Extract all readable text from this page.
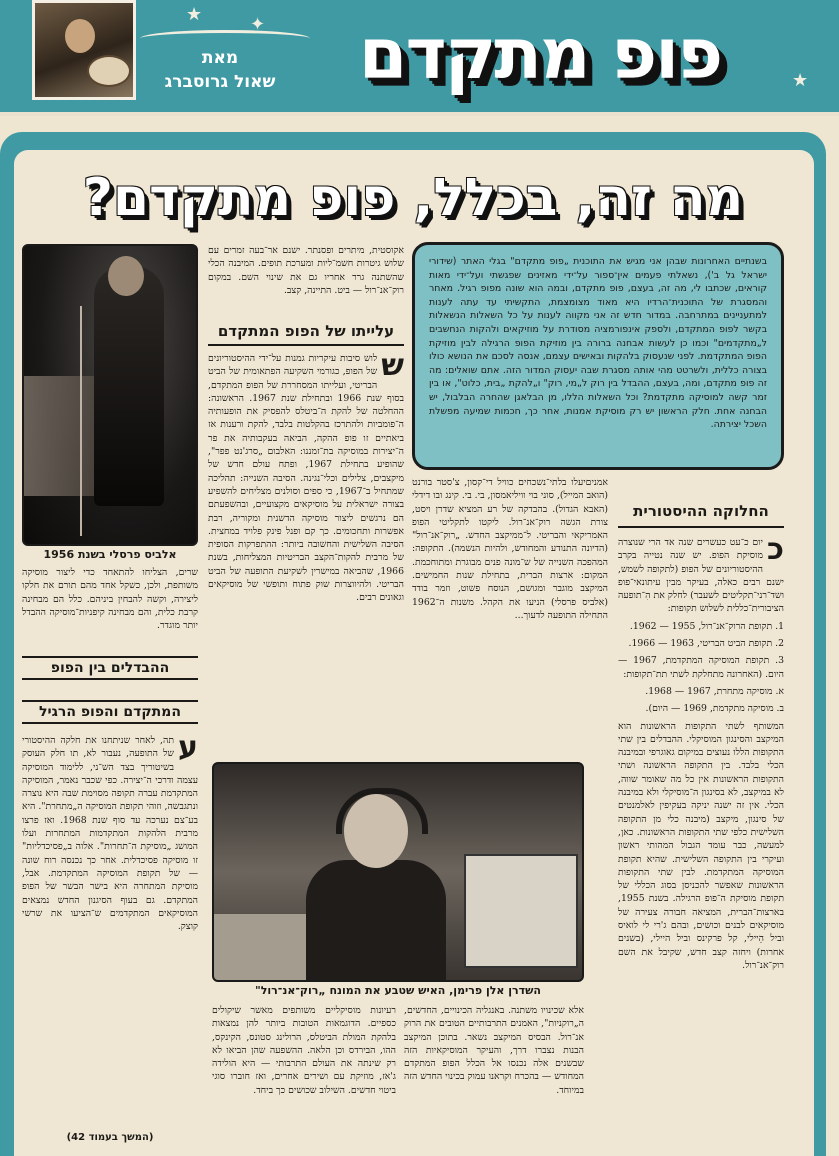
★	✦
★
מאת
שאול גרוסברג	פופ מתקדם
מה זה, בכלל, פופ מתקדם?
בשנתיים האחרונות שבהן אני מגיש את התוכנית „פופ מתקדם" בגלי האתר (שידורי ישראל גל ב'), נשאלתי פעמים אין־ספור על־ידי מאזינים שפגשתי ועל־ידי מאות קוראים, שכתבו לי, מה זה, בעצם, פופ מתקדם, ובמה הוא שונה מפופ רגיל. מאחר והמסגרת של התוכנית־הרדיו היא מאוד מצומצמת, התקשיתי עד עתה לענות למתעניינים במתרחבה. במדור חדש זה אני מקווה לענות על כל השאלות הנשאלות בקשר לפופ המתקדם, ולספק אינפורמציה מסודרת על מוזיקאים ולהקות הנחשבים ל„מתקדמים" וכמו כן לעשות אבחנה ברורה בין מוזיקת הפופ הרגילה לבין מוזיקת הפופ המתקדמת. לפני שנעסוק בלהקות ובאישים עצמם, אנסה לסכם את הנושא כולו בצורה כללית, ולשרטט מהי אותה מסגרת שבה יעסוק המדור הזה. אתם שואלים: מה זה פופ מתקדם, ומה, בעצם, ההבדל בין רוק ל„מי, רוק" ו„להקת „בית, כלוט", או בין זמר קשה למוסיקה מתקדמת? וכל השאלות הללו, מן הבלאגן שהחרה הבלבול, יש הבחנה אחת. חלק הראשון יש רק מוסיקת אמנות, אחר כך, חכמות שמיעה מפשלת השכל יצירתה.
אלביס פרסלי בשנת 1956
אקוסטית, מיתרים ופסנתר. ישנם אר־בעה זמרים עם שלוש גיטרות חשמ־ליות ומערכת תופים. המיבנה הכלי שהשתנה גרר אחריו גם את שינוי השם. במקום רוק־אנ־רול — ביט. התיינה, קצב.
עלייתו של הפופ המתקדם
ש
לוש סיבות עיקריות גמנות על־ידי ההיסטוריונים של הפופ, כגורמי השקיעה הפתאומית של הביט הבריטי, ועלייתו המסחררת של הפופ המתקדם, בסוף שנת 1966 ובתחילת שנת 1967. הראשונה: ההחלטה של להקת ה־ביטלס להפסיק את הופעותיה ה־פומביות ולהתרכז בהקלטות בלבד, להקת ורענות אז ביאתיים זו פופ ההקה, הביאה בעקבותיה את פר ה־יצירות במוסיקה בת־זמננו: האלבום „סרג'נט פפר", שהופיע בתחילת 1967, ופתח עולם חדש של מיקצבים, צלילים וכלי־נגינה. הסיבה השנייה: תהליכה שמתחיל ב־1967, כי ספים וסולנים מצליחים להשפיע בצורה ישראלית על מוסיקאים מקצועיים, ובהשפעתם הם נרגשים ליצור מוסיקה הדשנית ומקוריה, רבת אפשרות ותחכומים. כך קם ופנל פינק פלויד במחצית. הסיבה השלישית והחשובה ביותר: ההתפרקות הסופית של מרבית להקות־הקצב הבריטיות המצליחות, בשנת 1966, שהביאה במישרין לשקיעת התופעה של הביט הבריטי. ולהיווצרות שוק פתוח ותופשי של מוסיקאים וגאונים רבים.
אמניםיעלו בלתי־נשכחים כוויל די־קסון, צ'סטר בורנט (הואב המייל), סוני בוי וויליאמסון, בי. בי. קינג ובו דידלי (האבא הגדול). בהבדקה של רע המציא שדרן ויסט, צורת הגשה רוק־אנ־רול. ליקטו לתקליטי הפופ האמריקאי והבריטי. ל־ממיקצב החדש. „רוק־אנ־רול" (הדיונה התנודע והמחודש, ולהיות הנשמה). התקופה: המהפכה השנייה של ש־מונה פנים מבוגרת ומתוחכמת. המקום: ארצות הברית, בתחילת שנות החמישים. המיקצב מוגבר ומגושם, הנוסח פשוט, וזמר בודד (אלביס פרסלי) הניעו את הקהל. משנות ה־1962 התחילה התופעה לדעוך...
החלוקה ההיסטורית
כ

יום כ־עט כעשרים שנה אד הרי שנוצרה מוסיקת הפופ. יש שנה נטייה בקרב ההיסטוריונים של הפופ (לתקופה לשמש, ישנם רבים כאלה, בעיקר מבין עיתונאי־פופ ושד־רני־תקליטים לשעבר) לחלק את הִ־תופעה הציבורית־כללית לשלוש תקופות:

1. תקופת הרוק־אנ־רול, 1955 — 1962.

2. תקופת הביט הבריטי, 1963 — 1966.

3. תקופת המוסיקה המתקדמת, 1967 — היום. (האחרונה מתחלקת לשתי תת־תקופות:

א. מוסיקה מתחרת, 1967 — 1968.

ב. מוסיקה מתקדמת, 1969 — היום).

המשותף לשתי התקופות הראשונות הוא המיקצב והסינגון המוסיקלי. ההבדלים בין שתי התקופות הללו נעוצים במיקום גאוגרפי ובמיבנה הכלי בלבד. בין התקופה הראשונה ושתי התקופות הראשונות אין כל מה שאומר שווה, לא במיקצב, לא בסינגון ה־מוסיקלי ולא במיבנה הכלי. אין זה ישנה יניקה בעקיפין לאלמנטים של סינגון, מיקצב (מיבנה כלי מן התקופה השלישית כלפי שתי התקופות הראשונות. כאן, למעשה, כבר עומד הגבול המהותי ראשון ועיקרי בין התקופה השלישית. שהיא תקופת המוסיקה המתקדמת. לבין שתי התקופות הראשונות שאפשר להכניסן בסוג הכללי של תקופת מוסיקת ה־פופ הרגילה. בשנת 1955, בארצות־הברית, המציאה חבורה צעירה של מוסיקאים לבנים וכושים, ובהם ג'רי לי לואיס וביל הֵיילי, קל פרקינס וביל היילי, (בשנים אחרות) ויחזה קצב חדש, שקיבל את השם רוק־אנ־רול.

שרים, הצליחו להתאחד כדי ליצור מוסיקה משותפת, ולכן, כשקל אחד מהם תורם את חלקו ליצירה, וקשה להבחין ביניהם. כלל הם מבחינה קרבת כלית, והם מבחינה קיפניות־מוסיקה ההבדל יותר מוגדר.
ההבדלים בין הפופ
המתקדם והפופ הרגיל
ע
תה, לאחר שניתחנו את חלקה ההיסטורי של התופעה, נעבור לא, תו חלק העוסק בשיטוריך בצד הש־ני, ללימוד המוסיקה עצמה ודרכי ה־יצירה. כפי שכבר נאמר, המוסיקה המתקדמת עברה תקופה מסוימת שבה היא נוצרה ונתגבשה, וזוהי תקופת המוסיקה ה„מתחרת". היא בע־צם נערכה עד סוף שנת 1968. ואז פרצו מרבית הלהקות המתקדמות המתחרות ועלו המושג „מוסיקת ה־תחרות". אלוה ב„פסיכדליות" זו מוסיקה פסיכדלית. אחר כך נכנסה רוח שונה — של תקופת המוסיקה המתקדמת. אבל, מוסיקת המתחרה היא בישר הבשר של הפופ המתקדם. גם בעוף הסיגנון החדש נמצאים המוסיקאים המתקדמים ש־הציעו את שרשי קוצק.
(המשך בעמוד 42)
השדרן אלן פרימן, האיש שטבע את המונח „רוק־אנ־רול"
אלא שכינויו משתנה. באנגליה הכינויים, החדשים, ה„רוקניות", האמנים התרבותיים הטובים את הרוק אנ־רול. הבסיס המיקצב נשאר. בתוכן המיקצב הבנות נצברו דרך, והעיקר המוסיקאיות הזה שבשנים אלה נכנסו אל הכלל הפופ המתקדם המחודש — בהכרח וקראנו עמוק בכינוי החדש הזה במיוחד.
רעיונות מוסיקליים משותפים מאשר שיקולים כספיים. הדוגמאות הטובות ביותר להן נמצאות בלהקת המולת הביטלס, הרולינג סטונס, הקינקס, ההו, הבירדס וכן הלאה. ההשפעה שהן הביאו לא רק שינתה את העולם התרבותי — היא הולידה ג'אז, מוזיקת עם ושירים אחרים, ואז חוברו סוגי ביטוי חדשים. השילוב שכושים כך ביחד.
